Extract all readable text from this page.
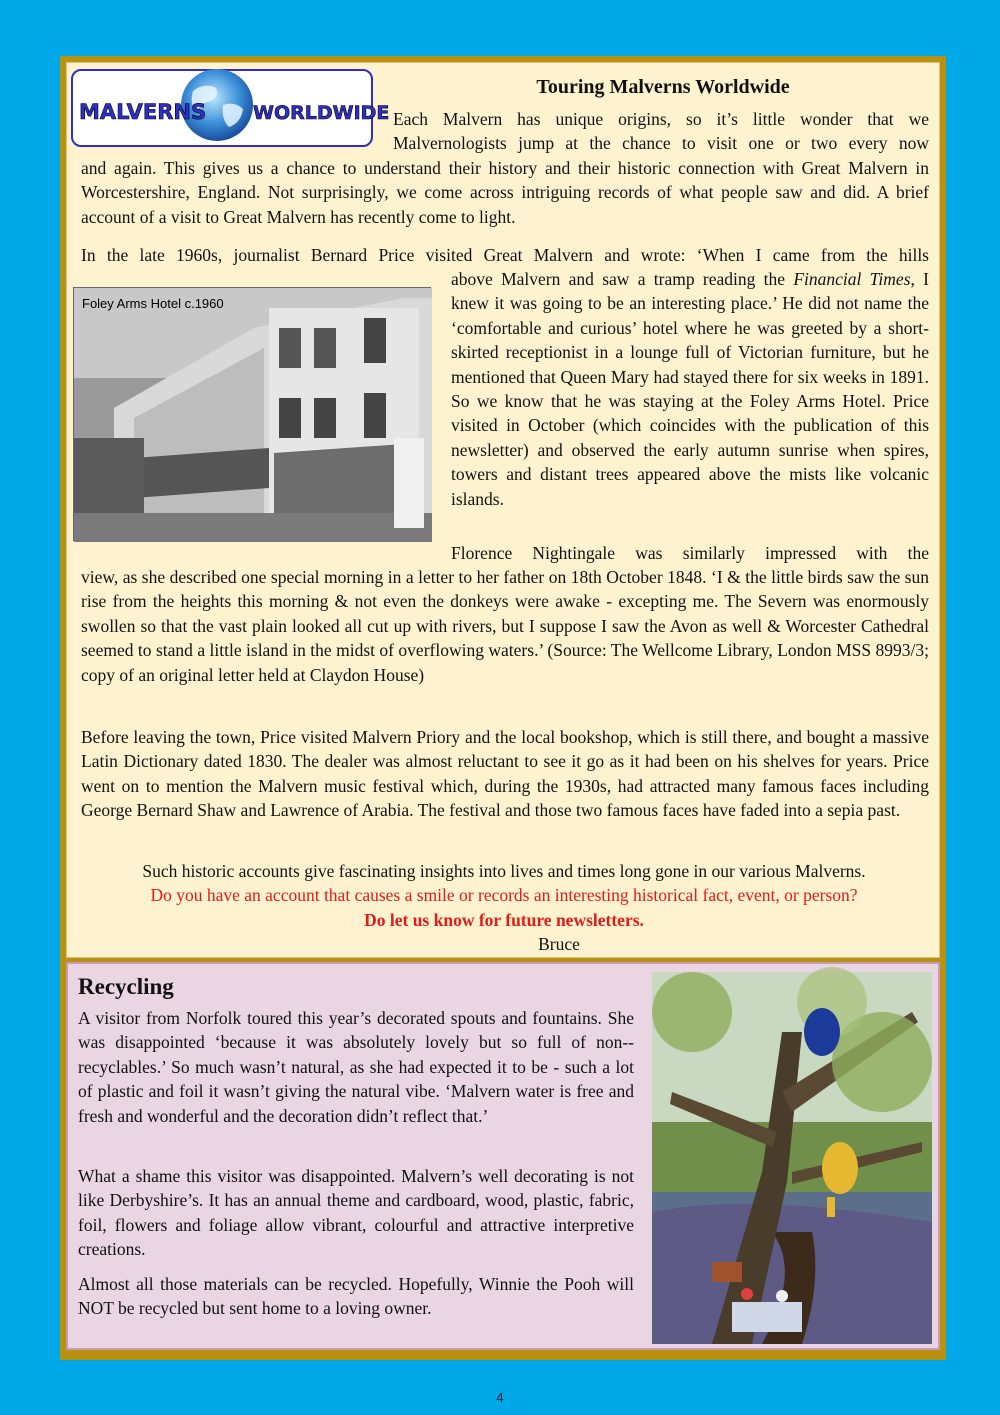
MALVERNS WORLDWIDE
Touring Malverns Worldwide

Each Malvern has unique origins, so it’s little wonder that we

Malvernologists jump at the chance to visit one or two every now

and again. This gives us a chance to understand their history and their historic connection with Great Malvern in Worcestershire, England. Not surprisingly, we come across intriguing records of what people saw and did. A brief account of a visit to Great Malvern has recently come to light.

In the late 1960s, journalist Bernard Price visited Great Malvern and wrote: ‘When I came from the hills

Foley Arms Hotel c.1960

above Malvern and saw a tramp reading the Financial Times, I knew it was going to be an interesting place.’ He did not name the ‘comfortable and curious’ hotel where he was greeted by a short-skirted receptionist in a lounge full of Victorian furniture, but he mentioned that Queen Mary had stayed there for six weeks in 1891. So we know that he was staying at the Foley Arms Hotel. Price visited in October (which coincides with the publication of this newsletter) and observed the early autumn sunrise when spires, towers and distant trees appeared above the mists like volcanic islands.

Florence Nightingale was similarly impressed with the

view, as she described one special morning in a letter to her father on 18th October 1848. ‘I & the little birds saw the sun rise from the heights this morning & not even the donkeys were awake - excepting me. The Severn was enormously swollen so that the vast plain looked all cut up with rivers, but I suppose I saw the Avon as well & Worcester Cathedral seemed to stand a little island in the midst of overflowing waters.’ (Source: The Wellcome Library, London MSS 8993/3; copy of an original letter held at Claydon House)

Before leaving the town, Price visited Malvern Priory and the local bookshop, which is still there, and bought a massive Latin Dictionary dated 1830. The dealer was almost reluctant to see it go as it had been on his shelves for years. Price went on to mention the Malvern music festival which, during the 1930s, had attracted many famous faces including George Bernard Shaw and Lawrence of Arabia. The festival and those two famous faces have faded into a sepia past.

Such historic accounts give fascinating insights into lives and times long gone in our various Malverns.
Do you have an account that causes a smile or records an interesting historical fact, event, or person?
Do let us know for future newsletters.
Bruce
Recycling

A visitor from Norfolk toured this year’s decorated spouts and fountains. She was disappointed ‘because it was absolutely lovely but so full of non--recyclables.’ So much wasn’t natural, as she had expected it to be - such a lot of plastic and foil it wasn’t giving the natural vibe. ‘Malvern water is free and fresh and wonderful and the decoration didn’t reflect that.’

What a shame this visitor was disappointed. Malvern’s well decorating is not like Derbyshire’s. It has an annual theme and cardboard, wood, plastic, fabric, foil, flowers and foliage allow vibrant, colourful and attractive interpretive creations.

Almost all those materials can be recycled. Hopefully, Winnie the Pooh will NOT be recycled but sent home to a loving owner.

4
